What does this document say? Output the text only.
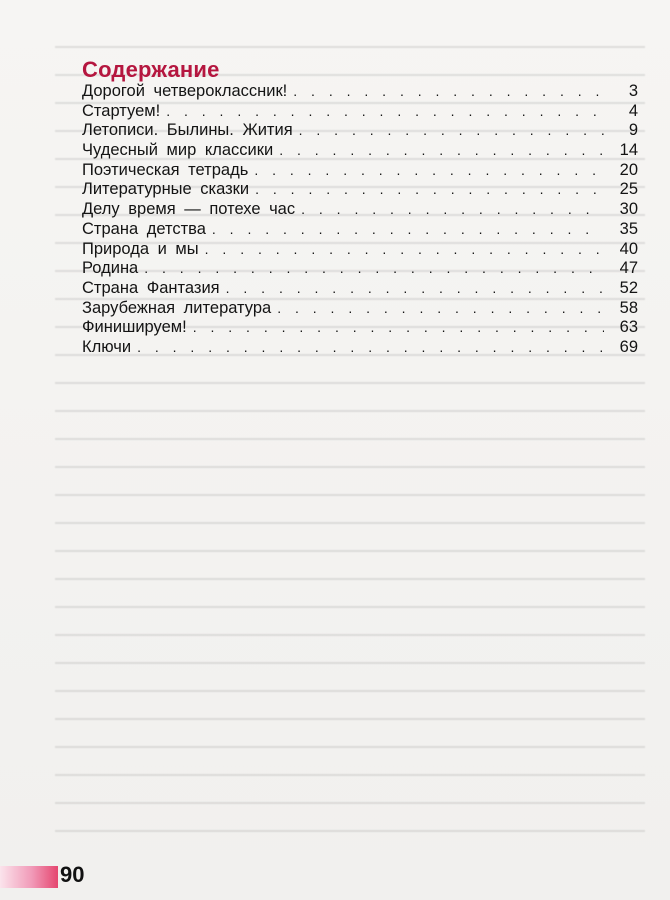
Содержание
Дорогой четвероклассник! . . .	3
Стартуем! . . .	4
Летописи. Былины. Жития . . .	9
Чудесный мир классики . . .	14
Поэтическая тетрадь . . .	20
Литературные сказки . . .	25
Делу время — потехе час . . .	30
Страна детства . . .	35
Природа и мы . . .	40
Родина . . .	47
Страна Фантазия . . .	52
Зарубежная литература . . .	58
Финишируем! . . .	63
Ключи . . .	69
90
